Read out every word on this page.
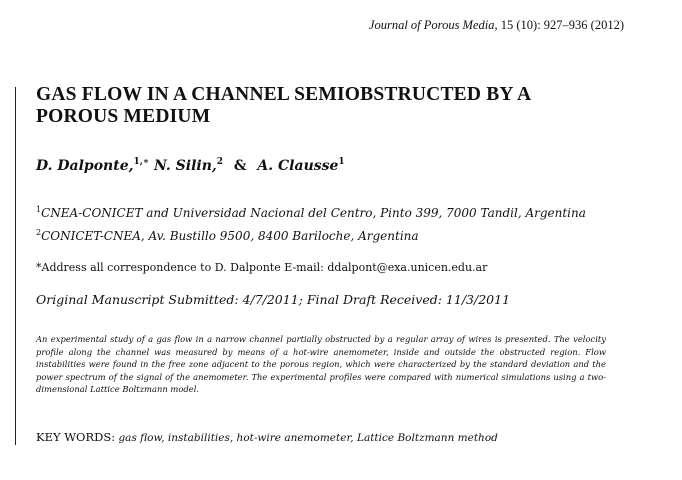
Journal of Porous Media, 15 (10): 927–936 (2012)
GAS FLOW IN A CHANNEL SEMIOBSTRUCTED BY A
POROUS MEDIUM
D. Dalponte,$^{1,∗}$ N. Silin,$^2$ & A. Clausse$^1$
$^1$CNEA-CONICET and Universidad Nacional del Centro, Pinto 399, 7000 Tandil, Argentina
$^2$CONICET-CNEA, Av. Bustillo 9500, 8400 Bariloche, Argentina
*Address all correspondence to D. Dalponte E-mail: ddalpont@exa.unicen.edu.ar
Original Manuscript Submitted: 4/7/2011; Final Draft Received: 11/3/2011
An experimental study of a gas flow in a narrow channel partially obstructed by a regular array of wires is presented. The velocity profile along the channel was measured by means of a hot-wire anemometer, inside and outside the obstructed region. Flow instabilities were found in the free zone adjacent to the porous region, which were characterized by the standard deviation and the power spectrum of the signal of the anemometer. The experimental profiles were compared with numerical simulations using a two-dimensional Lattice Boltzmann model.
KEY WORDS: gas flow, instabilities, hot-wire anemometer, Lattice Boltzmann method
